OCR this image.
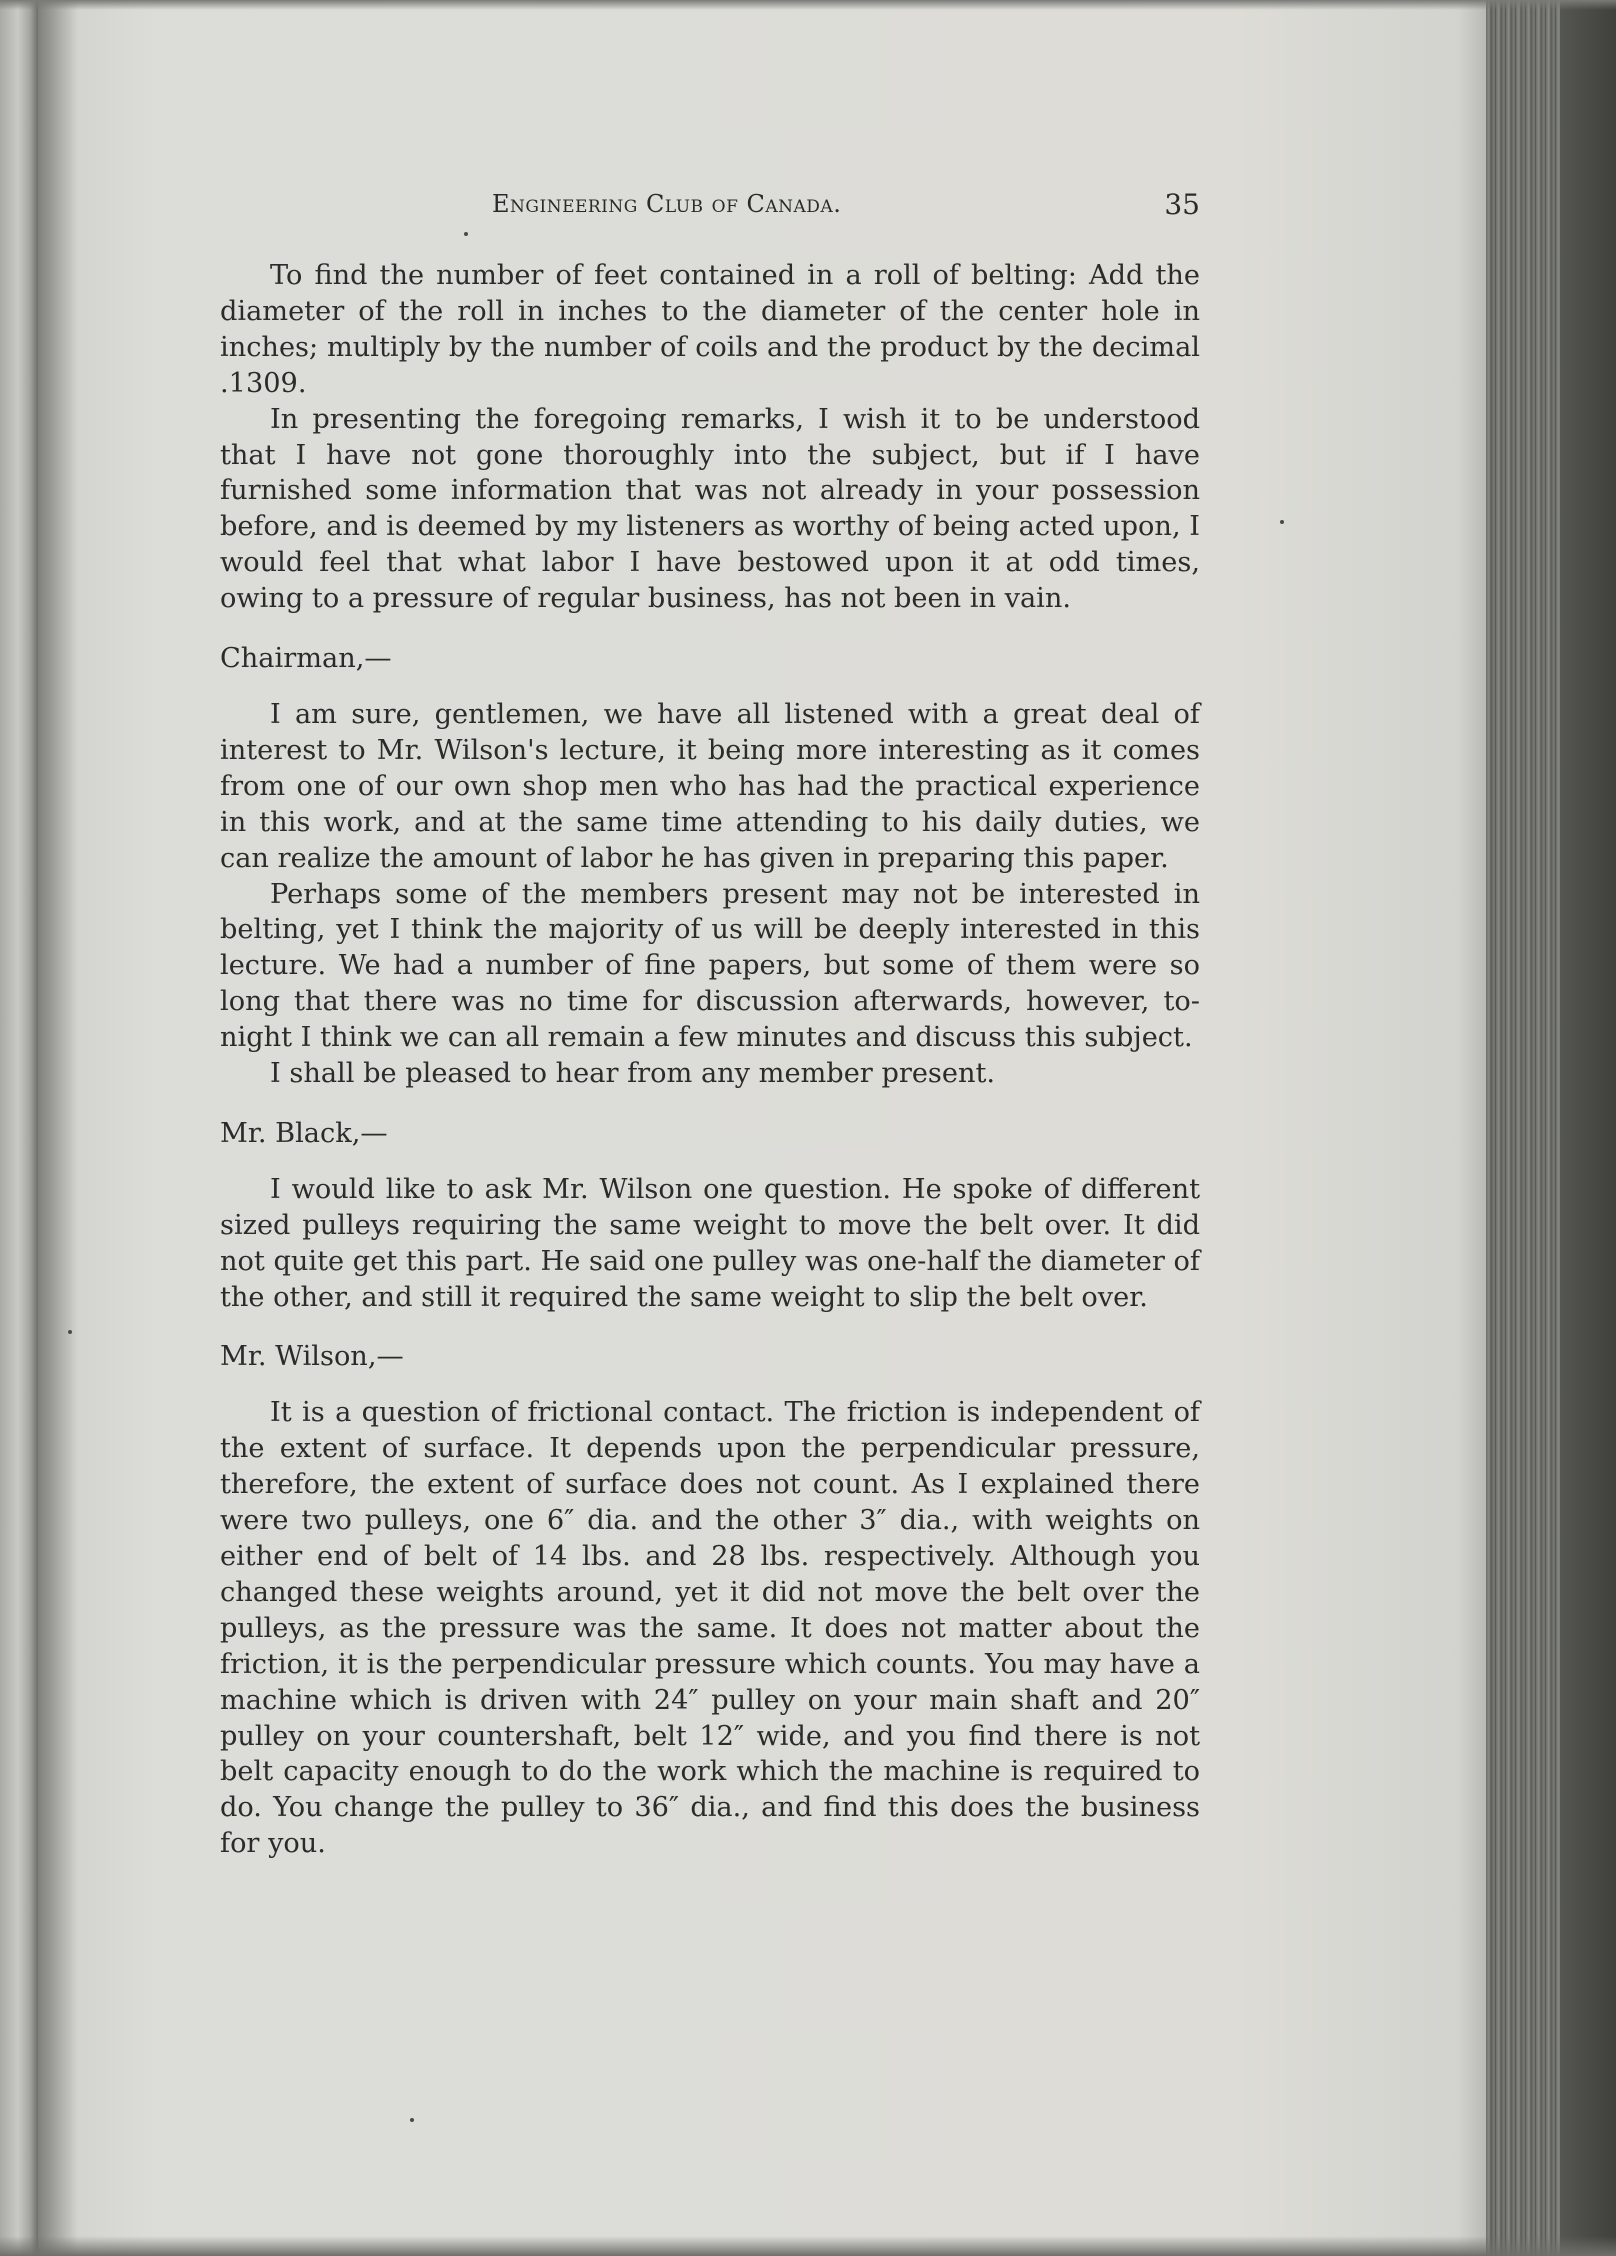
Engineering Club of Canada.	35

To find the number of feet contained in a roll of belting: Add the diameter of the roll in inches to the diameter of the center hole in inches; multiply by the number of coils and the product by the decimal .1309.

In presenting the foregoing remarks, I wish it to be understood that I have not gone thoroughly into the subject, but if I have furnished some information that was not already in your possession before, and is deemed by my listeners as worthy of being acted upon, I would feel that what labor I have bestowed upon it at odd times, owing to a pressure of regular business, has not been in vain.

Chairman,—

I am sure, gentlemen, we have all listened with a great deal of interest to Mr. Wilson's lecture, it being more interesting as it comes from one of our own shop men who has had the practical experience in this work, and at the same time attending to his daily duties, we can realize the amount of labor he has given in preparing this paper.

Perhaps some of the members present may not be interested in belting, yet I think the majority of us will be deeply interested in this lecture. We had a number of fine papers, but some of them were so long that there was no time for discussion afterwards, however, to-night I think we can all remain a few minutes and discuss this subject.

I shall be pleased to hear from any member present.

Mr. Black,—

I would like to ask Mr. Wilson one question. He spoke of different sized pulleys requiring the same weight to move the belt over. It did not quite get this part. He said one pulley was one-half the diameter of the other, and still it required the same weight to slip the belt over.

Mr. Wilson,—

It is a question of frictional contact. The friction is independent of the extent of surface. It depends upon the perpendicular pressure, therefore, the extent of surface does not count. As I explained there were two pulleys, one 6″ dia. and the other 3″ dia., with weights on either end of belt of 14 lbs. and 28 lbs. respectively. Although you changed these weights around, yet it did not move the belt over the pulleys, as the pressure was the same. It does not matter about the friction, it is the perpendicular pressure which counts. You may have a machine which is driven with 24″ pulley on your main shaft and 20″ pulley on your countershaft, belt 12″ wide, and you find there is not belt capacity enough to do the work which the machine is required to do. You change the pulley to 36″ dia., and find this does the business for you.
